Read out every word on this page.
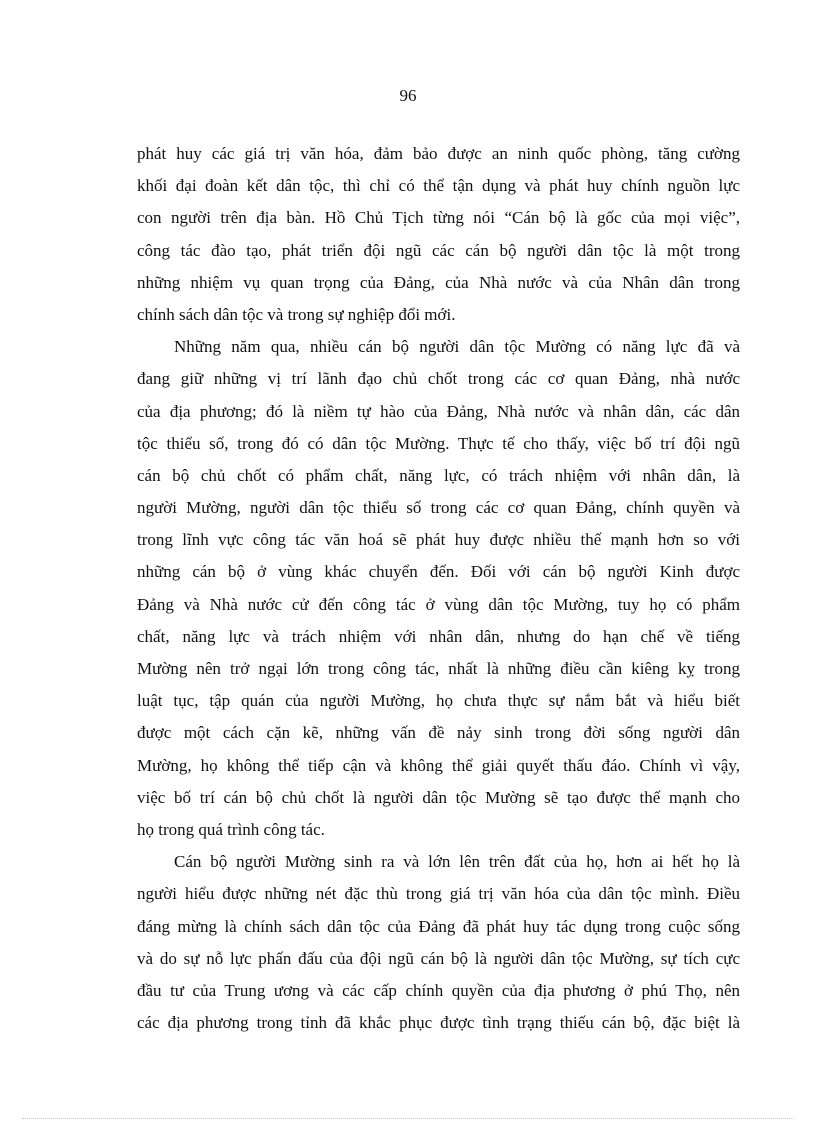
96
phát huy các giá trị văn hóa, đảm bảo được an ninh quốc phòng, tăng cường
khối đại đoàn kết dân tộc, thì chỉ có thể tận dụng và phát huy chính nguồn lực
con người trên địa bàn. Hồ Chủ Tịch từng nói “Cán bộ là gốc của mọi việc”,
công tác đào tạo, phát triển đội ngũ các cán bộ người dân tộc là một trong
những nhiệm vụ quan trọng của Đảng, của Nhà nước và của Nhân dân trong
chính sách dân tộc và trong sự nghiệp đổi mới.
Những năm qua, nhiều cán bộ người dân tộc Mường có năng lực đã và
đang giữ những vị trí lãnh đạo chủ chốt trong các cơ quan Đảng, nhà nước
của địa phương; đó là niềm tự hào của Đảng, Nhà nước và nhân dân, các dân
tộc thiểu số, trong đó có dân tộc Mường. Thực tế cho thấy, việc bố trí đội ngũ
cán bộ chủ chốt có phẩm chất, năng lực, có trách nhiệm với nhân dân, là
người Mường, người dân tộc thiểu số trong các cơ quan Đảng, chính quyền và
trong lĩnh vực công tác văn hoá sẽ phát huy được nhiều thế mạnh hơn so với
những cán bộ ở vùng khác chuyển đến. Đối với cán bộ người Kinh được
Đảng và Nhà nước cử đến công tác ở vùng dân tộc Mường, tuy họ có phẩm
chất, năng lực và trách nhiệm với nhân dân, nhưng do hạn chế về tiếng
Mường nên trở ngại lớn trong công tác, nhất là những điều cần kiêng kỵ trong
luật tục, tập quán của người Mường, họ chưa thực sự nắm bắt và hiểu biết
được một cách cặn kẽ, những vấn đề nảy sinh trong đời sống người dân
Mường, họ không thể tiếp cận và không thể giải quyết thấu đáo. Chính vì vậy,
việc bố trí cán bộ chủ chốt là người dân tộc Mường sẽ tạo được thế mạnh cho
họ trong quá trình công tác.
Cán bộ người Mường sinh ra và lớn lên trên đất của họ, hơn ai hết họ là
người hiểu được những nét đặc thù trong giá trị văn hóa của dân tộc mình. Điều
đáng mừng là chính sách dân tộc của Đảng đã phát huy tác dụng trong cuộc sống
và do sự nỗ lực phấn đấu của đội ngũ cán bộ là người dân tộc Mường, sự tích cực
đầu tư của Trung ương và các cấp chính quyền của địa phương ở phú Thọ, nên
các địa phương trong tỉnh đã khắc phục được tình trạng thiếu cán bộ, đặc biệt là
